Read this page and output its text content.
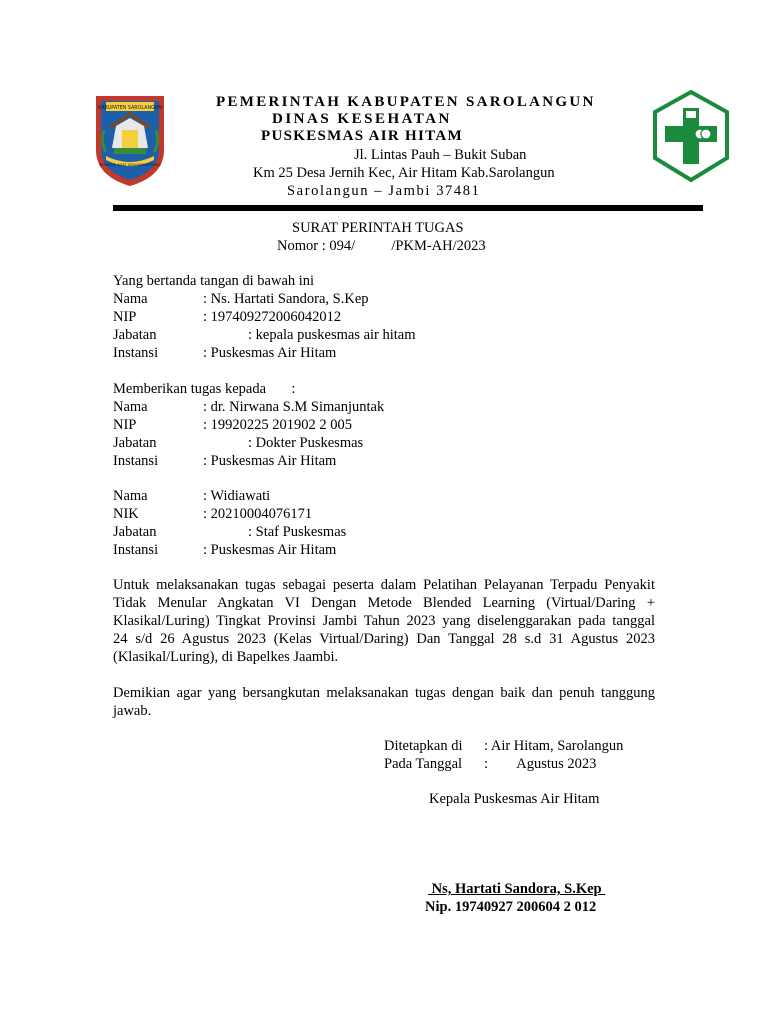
KABUPATEN SAROLANGUN
SEPUCUK ADAT SERUMPUN PSEKO
PEMERINTAH KABUPATEN SAROLANGUN
DINAS KESEHATAN
PUSKESMAS AIR HITAM
Jl. Lintas Pauh – Bukit Suban
Km 25 Desa Jernih Kec, Air Hitam Kab.Sarolangun
Sarolangun – Jambi 37481
SURAT PERINTAH TUGAS
Nomor : 094/          /PKM-AH/2023
Yang bertanda tangan di bawah ini
Nama	: Ns. Hartati Sandora, S.Kep
NIP	: 197409272006042012
Jabatan	: kepala puskesmas air hitam
Instansi	: Puskesmas Air Hitam
Memberikan tugas kepada       :
Nama	: dr. Nirwana S.M Simanjuntak
NIP	: 19920225 201902 2 005
Jabatan	: Dokter Puskesmas
Instansi	: Puskesmas Air Hitam
Nama	: Widiawati
NIK	: 20210004076171
Jabatan	: Staf Puskesmas
Instansi	: Puskesmas Air Hitam
Untuk melaksanakan tugas sebagai peserta dalam Pelatihan Pelayanan Terpadu Penyakit
Tidak Menular Angkatan VI Dengan Metode Blended Learning (Virtual/Daring +
Klasikal/Luring) Tingkat Provinsi Jambi Tahun 2023 yang diselenggarakan pada tanggal
24 s/d 26 Agustus 2023 (Kelas Virtual/Daring) Dan Tanggal 28 s.d 31 Agustus 2023
(Klasikal/Luring), di Bapelkes Jaambi.
Demikian agar yang bersangkutan melaksanakan tugas dengan baik dan penuh tanggung
jawab.
Ditetapkan di : Air Hitam, Sarolangun
Pada Tanggal :        Agustus 2023
Kepala Puskesmas Air Hitam
Ns, Hartati Sandora, S.Kep
Nip. 19740927 200604 2 012
